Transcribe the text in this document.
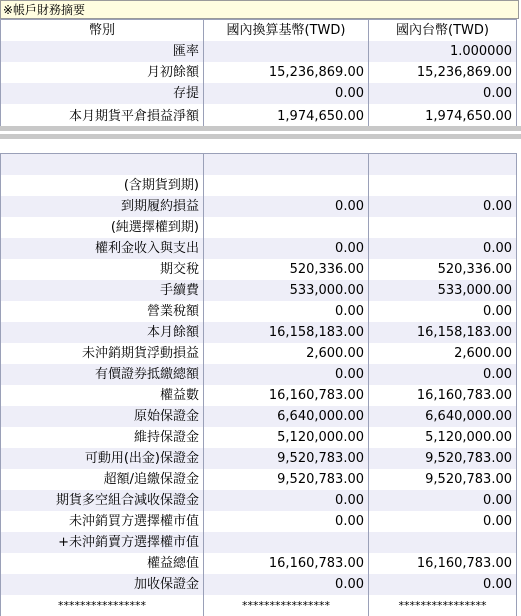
※帳戶財務摘要
幣別	國內換算基幣(TWD)	國內台幣(TWD)
匯率		1.000000
月初餘額	15,236,869.00	15,236,869.00
存提	0.00	0.00
本月期貨平倉損益淨額	1,974,650.00	1,974,650.00

(含期貨到期)		
到期履約損益	0.00	0.00
(純選擇權到期)		
權利金收入與支出	0.00	0.00
期交稅	520,336.00	520,336.00
手續費	533,000.00	533,000.00
營業稅額	0.00	0.00
本月餘額	16,158,183.00	16,158,183.00
未沖銷期貨浮動損益	2,600.00	2,600.00
有價證券抵繳總額	0.00	0.00
權益數	16,160,783.00	16,160,783.00
原始保證金	6,640,000.00	6,640,000.00
維持保證金	5,120,000.00	5,120,000.00
可動用(出金)保證金	9,520,783.00	9,520,783.00
超額/追繳保證金	9,520,783.00	9,520,783.00
期貨多空組合減收保證金	0.00	0.00
未沖銷買方選擇權市值	0.00	0.00
+未沖銷賣方選擇權市值		
權益總值	16,160,783.00	16,160,783.00
加收保證金	0.00	0.00
****************	****************	****************
